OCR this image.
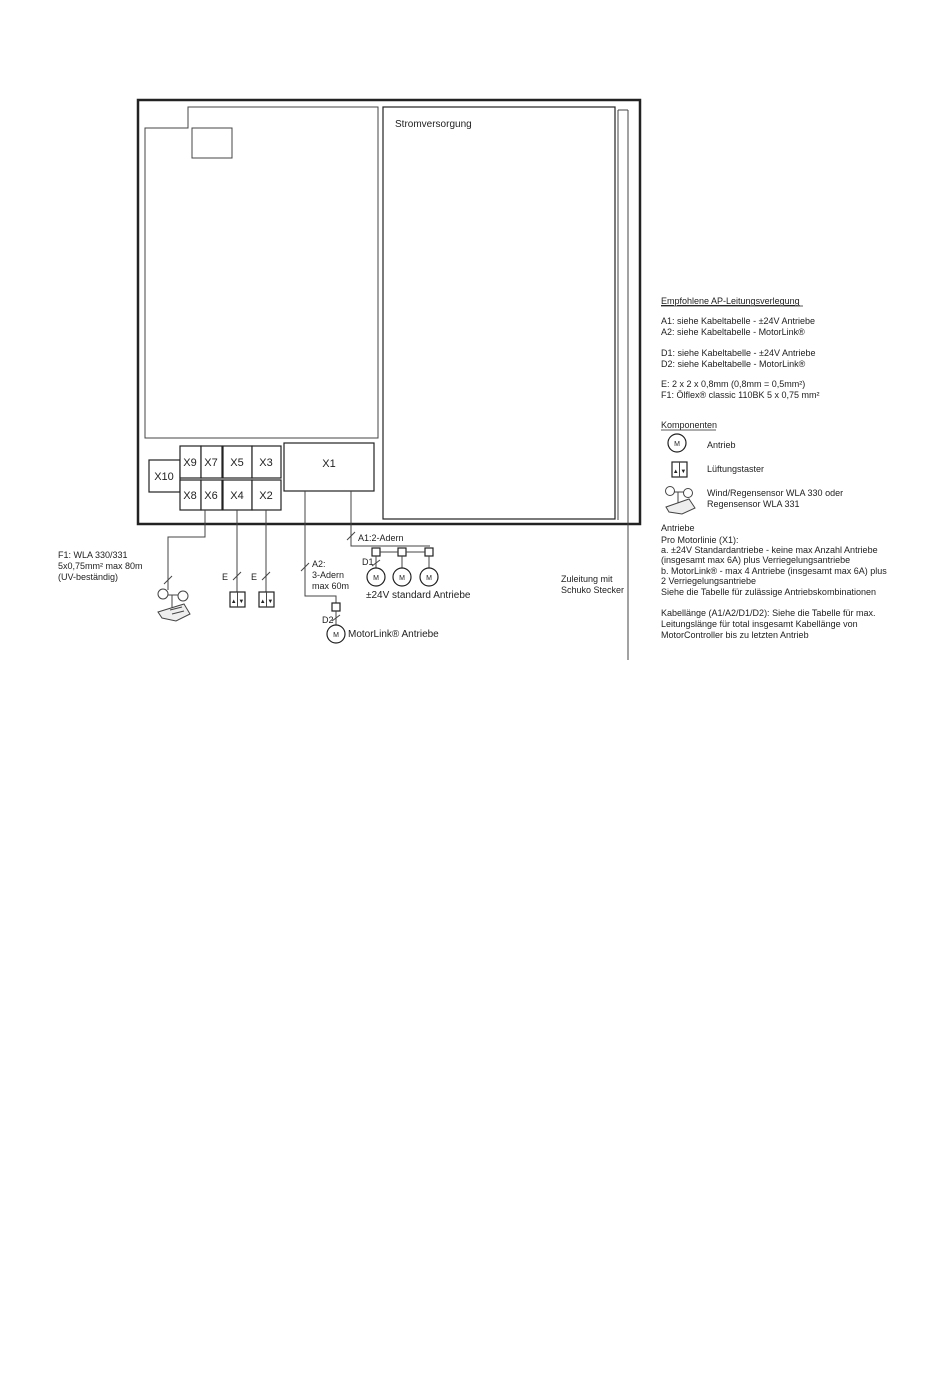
Stromversorgung
X10
X9 X7 X5 X3
X8 X6 X4 X2
X1
F1: WLA 330/331
5x0,75mm² max 80m
(UV-beständig)	E	E
▲ ▼	▲ ▼
A2:
3-Adern
max 60m
D2
M MotorLink® Antriebe
A1:2-Adern
D1
M	M	M
±24V standard Antriebe
Zuleitung mit
Schuko Stecker
Empfohlene AP-Leitungsverlegung
A1: siehe Kabeltabelle - ±24V Antriebe
A2: siehe Kabeltabelle - MotorLink®
D1: siehe Kabeltabelle - ±24V Antriebe
D2: siehe Kabeltabelle - MotorLink®
E: 2 x 2 x 0,8mm (0,8mm = 0,5mm²)
F1: Ölflex® classic 110BK 5 x 0,75 mm²
Komponenten
M	Antrieb
▲ ▼ Lüftungstaster
Wind/Regensensor WLA 330 oder
Regensensor WLA 331
Antriebe
Pro Motorlinie (X1):
a. ±24V Standardantriebe - keine max Anzahl Antriebe
(insgesamt max 6A) plus Verriegelungsantriebe
b. MotorLink® - max 4 Antriebe (insgesamt max 6A) plus
2 Verriegelungsantriebe
Siehe die Tabelle für zulässige Antriebskombinationen
Kabellänge (A1/A2/D1/D2): Siehe die Tabelle für max.
Leitungslänge für total insgesamt Kabellänge von
MotorController bis zu letzten Antrieb
